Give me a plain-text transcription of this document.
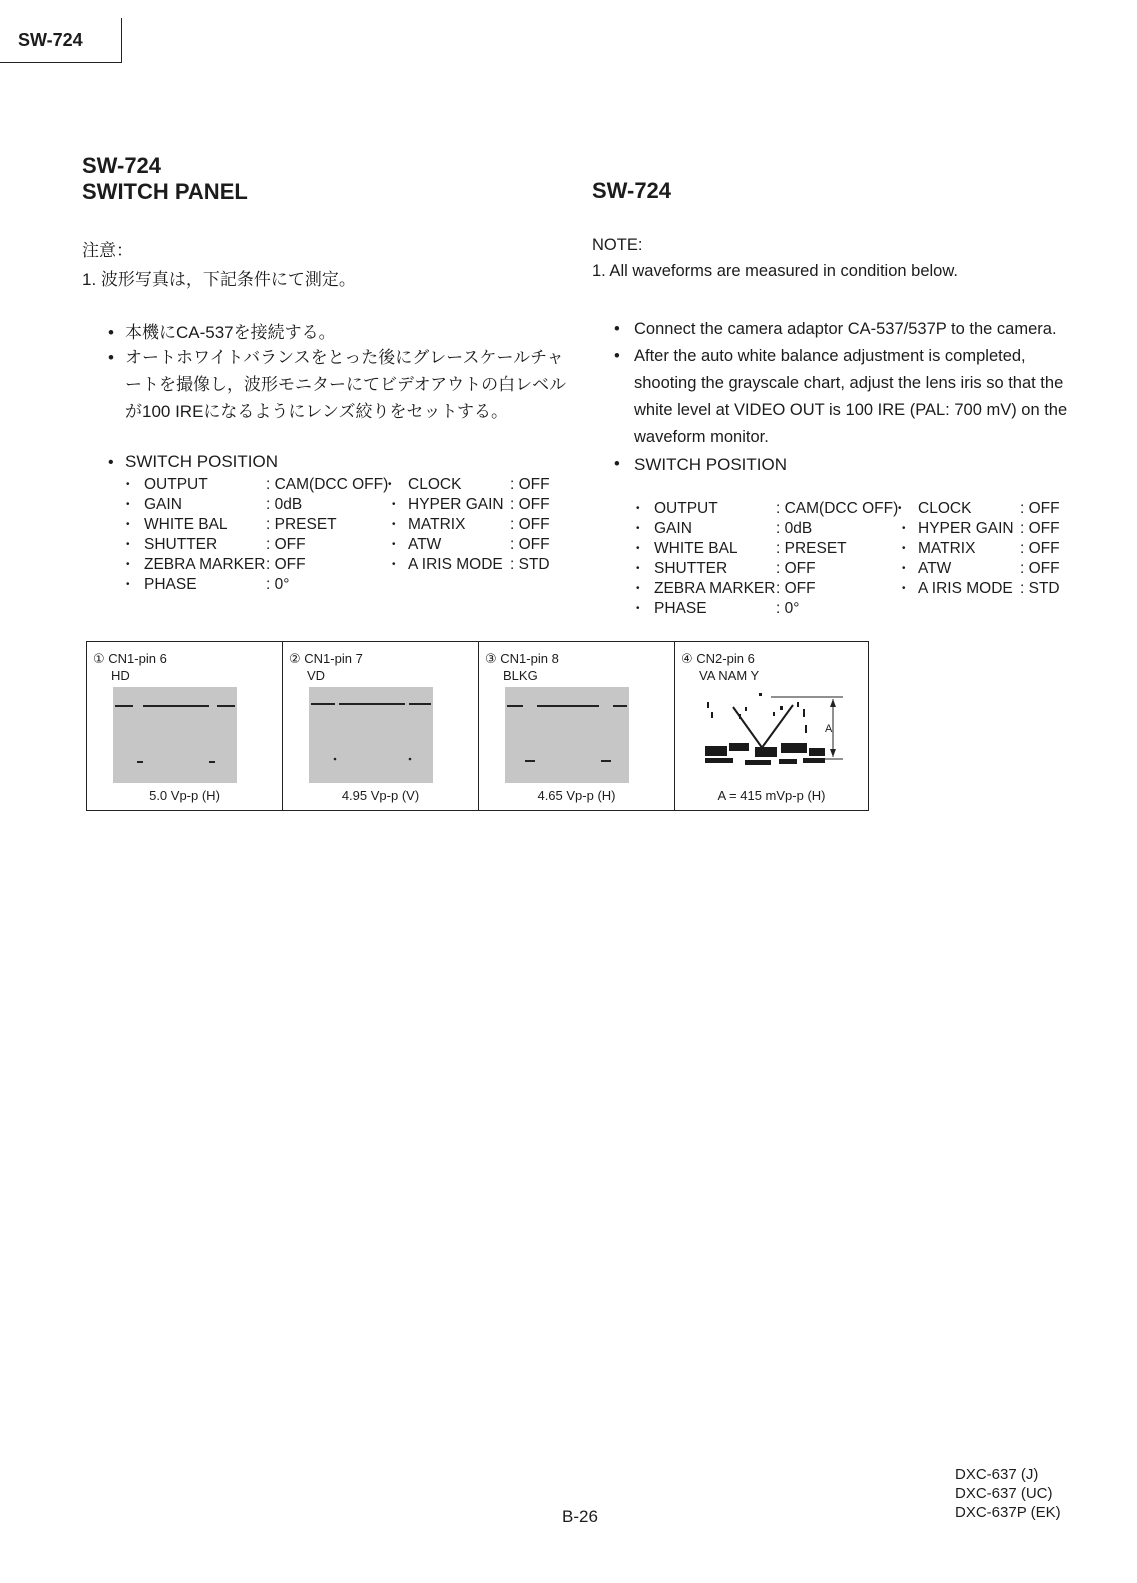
SW-724
SW-724
SWITCH PANEL
注意：
1. 波形写真は，下記条件にて測定。
• 本機にCA-537を接続する。
• オートホワイトバランスをとった後にグレースケールチャートを撮像し，波形モニターにてビデオアウトの白レベルが100 IREになるようにレンズ絞りをセットする。
• SWITCH POSITION
• OUTPUT	: CAM(DCC OFF) • CLOCK	: OFF
• GAIN	: 0dB	• HYPER GAIN : OFF
• WHITE BAL : PRESET	• MATRIX	: OFF
• SHUTTER	: OFF	• ATW	: OFF
• ZEBRA MARKER : OFF	• A IRIS MODE : STD
• PHASE	: 0°
SW-724
NOTE:
1. All waveforms are measured in condition below.
• Connect the camera adaptor CA-537/537P to the camera.
• After the auto white balance adjustment is completed, shooting the grayscale chart, adjust the lens iris so that the white level at VIDEO OUT is 100 IRE (PAL: 700 mV) on the waveform monitor.
• SWITCH POSITION
• OUTPUT	: CAM(DCC OFF) • CLOCK	: OFF
• GAIN	: 0dB	• HYPER GAIN : OFF
• WHITE BAL : PRESET	• MATRIX	: OFF
• SHUTTER	: OFF	• ATW	: OFF
• ZEBRA MARKER : OFF	• A IRIS MODE : STD
• PHASE	: 0°
① CN1-pin 6
HD
5.0 Vp-p (H)
② CN1-pin 7
VD
4.95 Vp-p (V)
③ CN1-pin 8
BLKG
4.65 Vp-p (H)
④ CN2-pin 6
VA NAM Y
A
A = 415 mVp-p (H)
B-26
DXC-637 (J)
DXC-637 (UC)
DXC-637P (EK)
